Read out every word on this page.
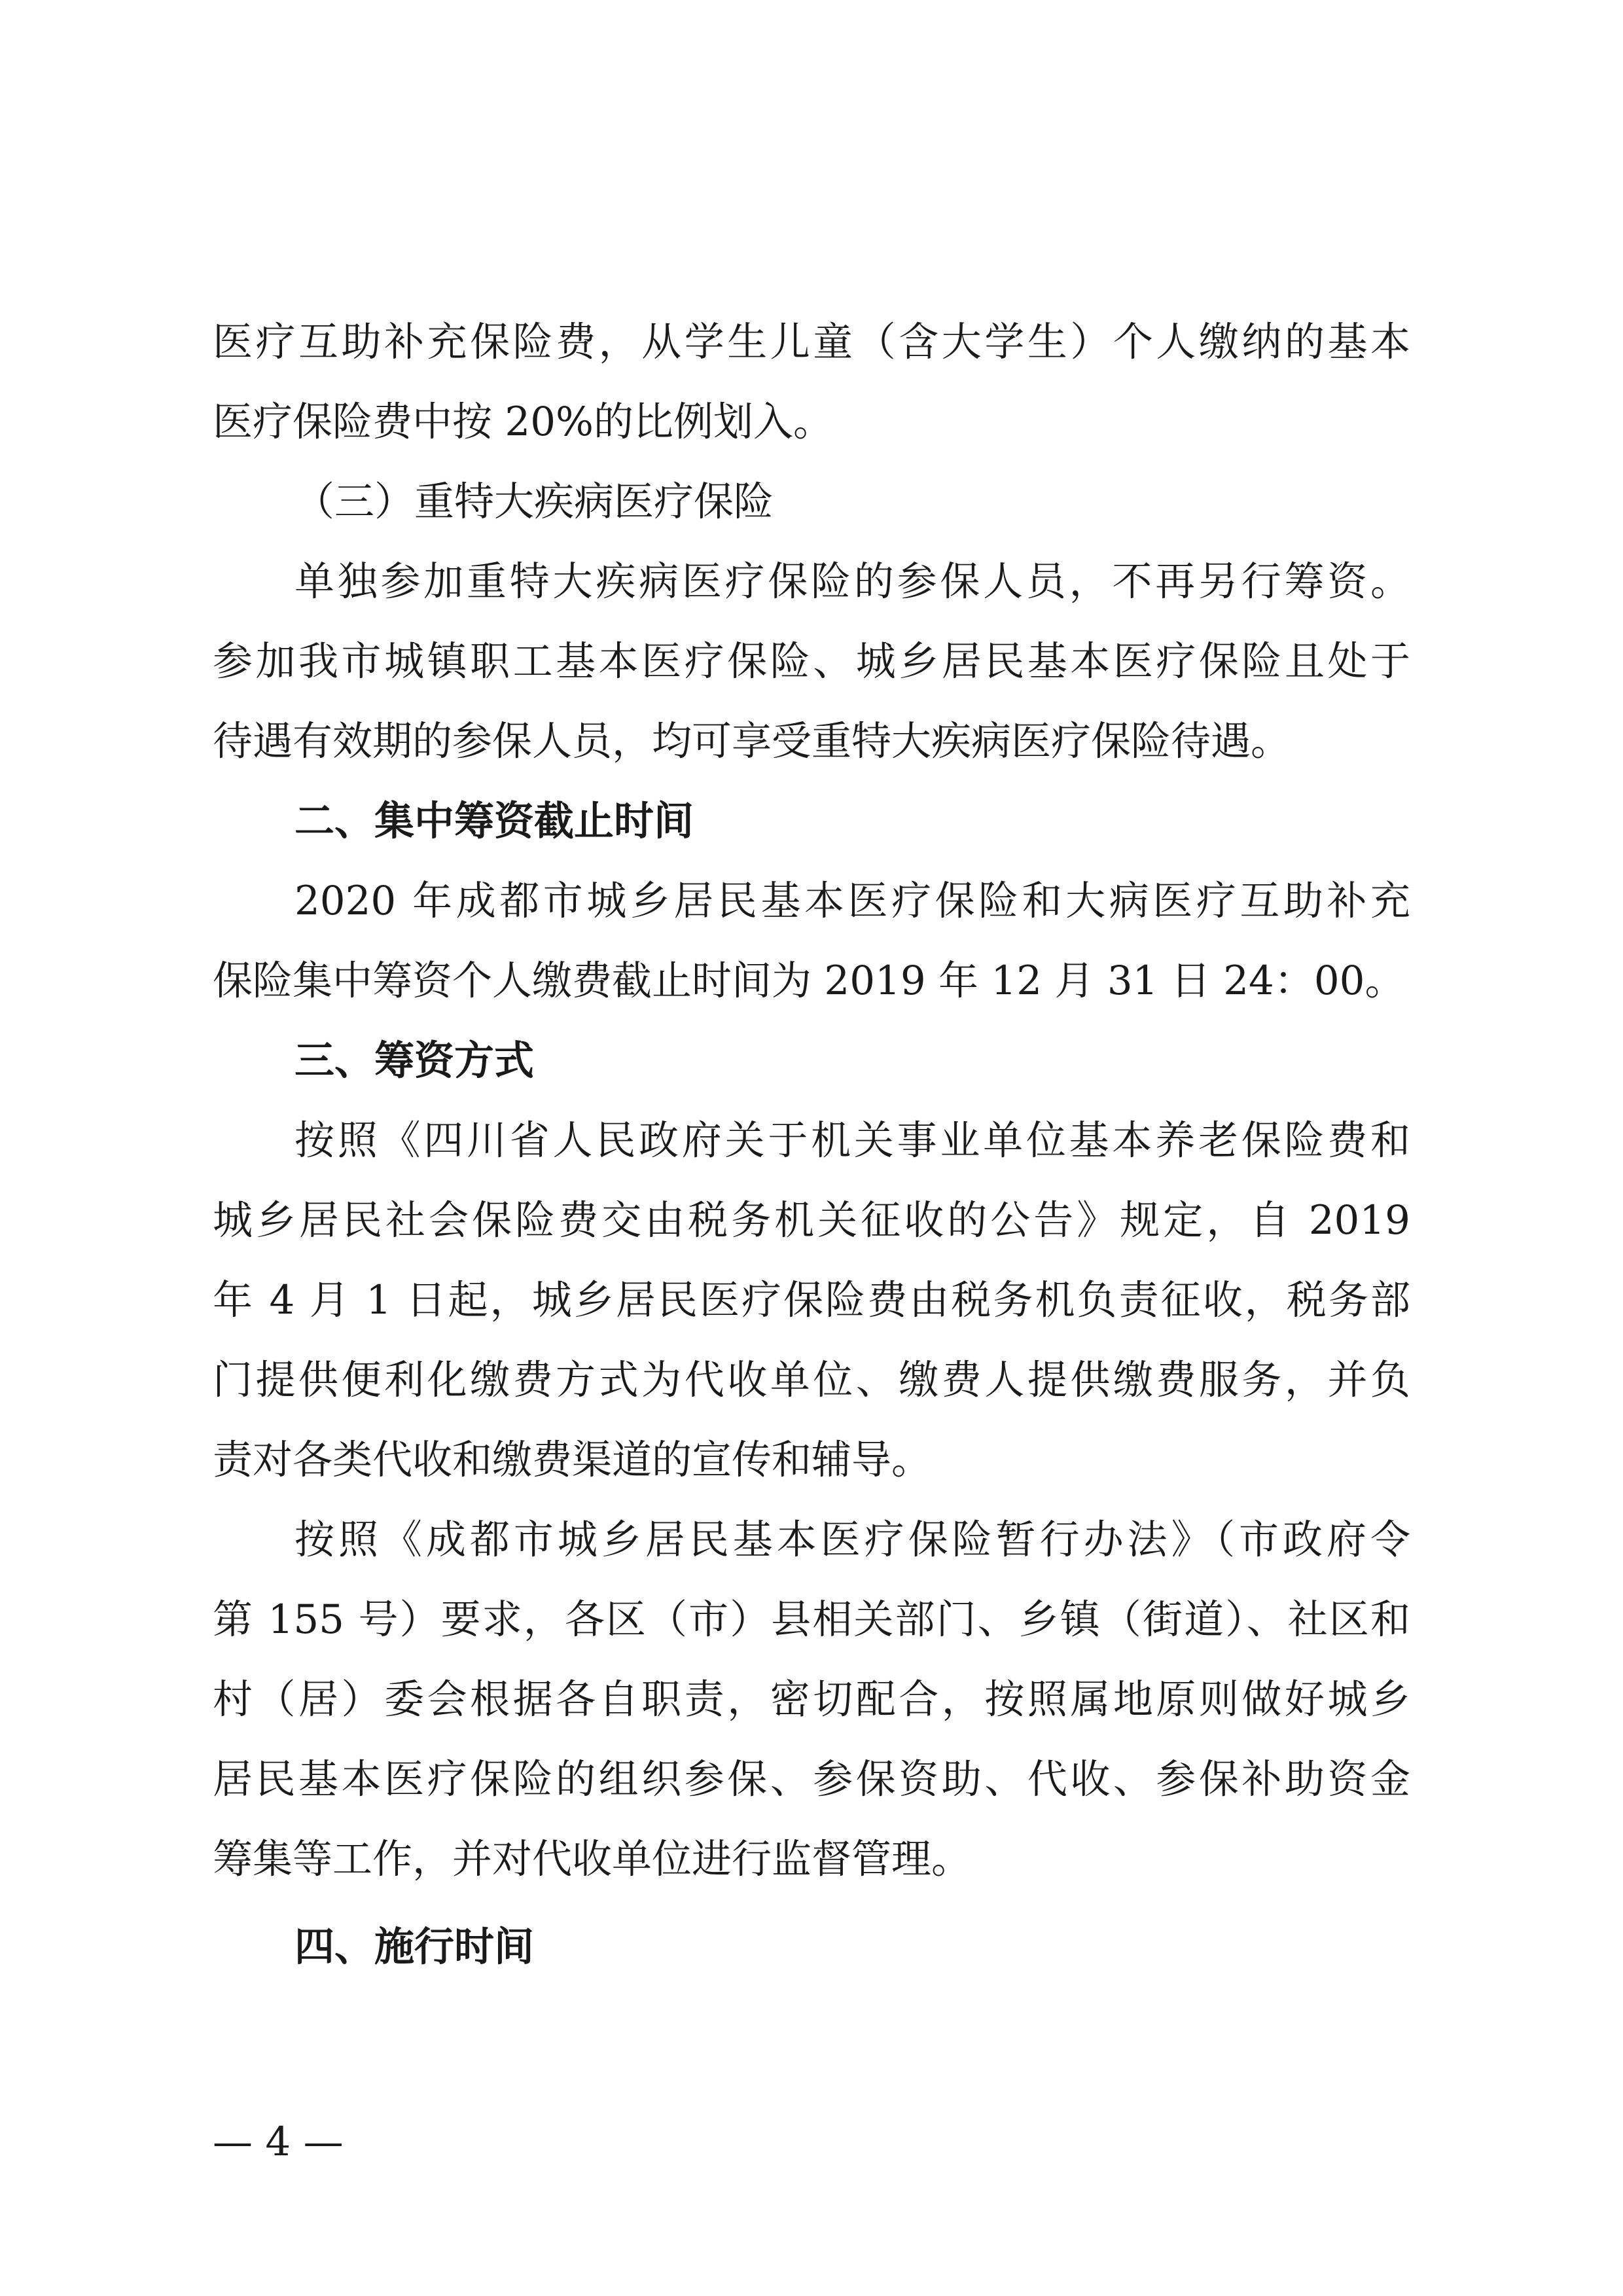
医疗互助补充保险费，从学生儿童（含大学生）个人缴纳的基本
医疗保险费中按 20%的比例划入。
（三）重特大疾病医疗保险
单独参加重特大疾病医疗保险的参保人员，不再另行筹资。
参加我市城镇职工基本医疗保险、城乡居民基本医疗保险且处于
待遇有效期的参保人员，均可享受重特大疾病医疗保险待遇。
二、集中筹资截止时间
2020 年成都市城乡居民基本医疗保险和大病医疗互助补充
保险集中筹资个人缴费截止时间为 2019 年 12 月 31 日 24：00。
三、筹资方式
按照《四川省人民政府关于机关事业单位基本养老保险费和
城乡居民社会保险费交由税务机关征收的公告》规定，自 2019
年 4 月 1 日起，城乡居民医疗保险费由税务机负责征收，税务部
门提供便利化缴费方式为代收单位、缴费人提供缴费服务，并负
责对各类代收和缴费渠道的宣传和辅导。
按照《成都市城乡居民基本医疗保险暂行办法》（市政府令
第 155 号）要求，各区（市）县相关部门、乡镇（街道）、社区和
村（居）委会根据各自职责，密切配合，按照属地原则做好城乡
居民基本医疗保险的组织参保、参保资助、代收、参保补助资金
筹集等工作，并对代收单位进行监督管理。
四、施行时间
— 4 —
